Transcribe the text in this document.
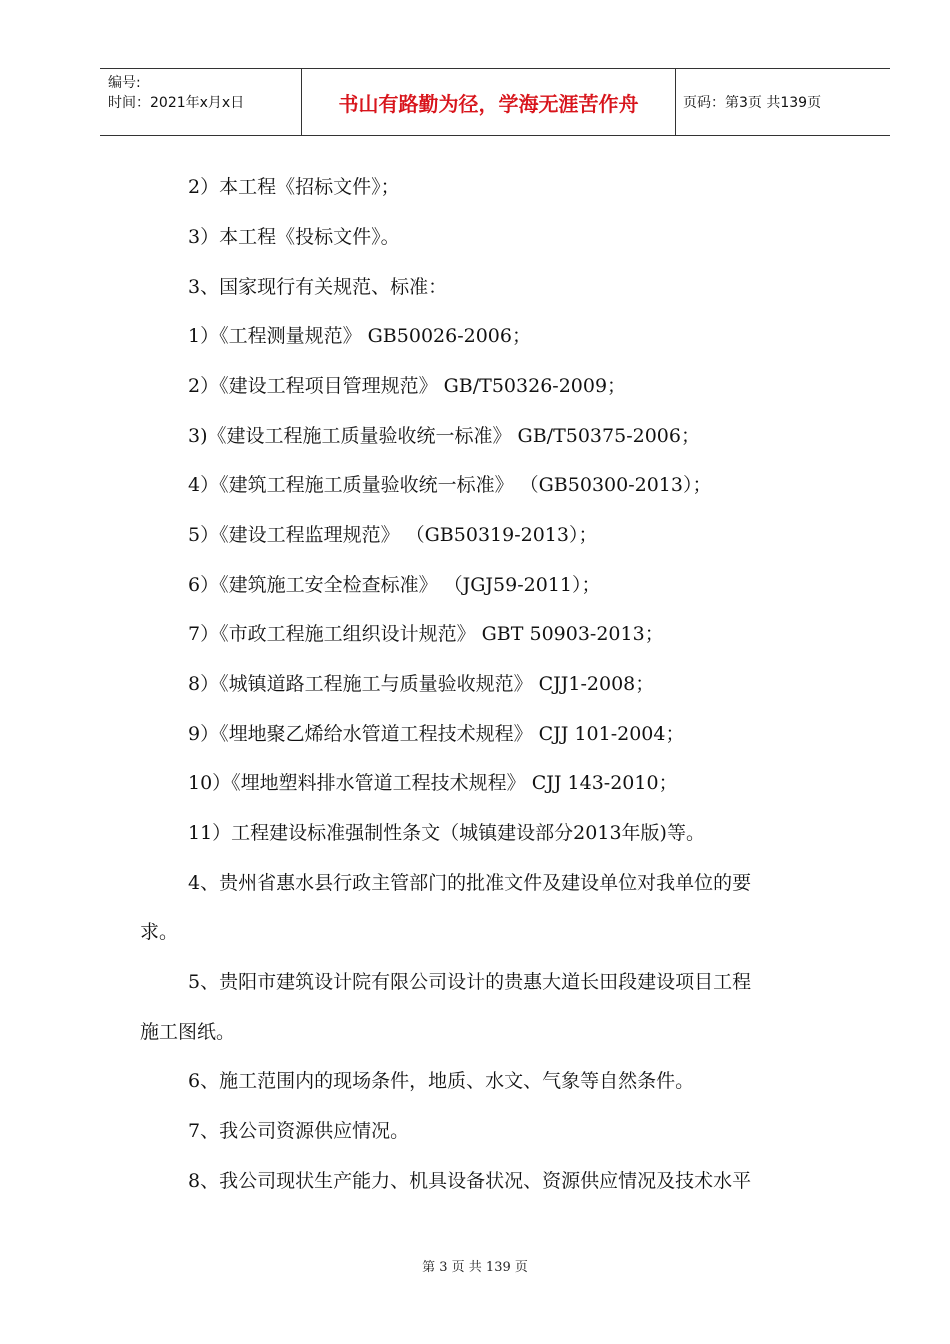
编号:
时间：2021年x月x日	书山有路勤为径，学海无涯苦作舟	页码：第3页 共139页
2）本工程《招标文件》；
3）本工程《投标文件》。
3、国家现行有关规范、标准：
1）《工程测量规范》 GB50026-2006；
2）《建设工程项目管理规范》 GB/T50326-2009；
3)《建设工程施工质量验收统一标准》 GB/T50375-2006；
4）《建筑工程施工质量验收统一标准》 （GB50300-2013）；
5）《建设工程监理规范》 （GB50319-2013）；
6）《建筑施工安全检查标准》 （JGJ59-2011）；
7）《市政工程施工组织设计规范》 GBT 50903-2013；
8）《城镇道路工程施工与质量验收规范》 CJJ1-2008；
9）《埋地聚乙烯给水管道工程技术规程》 CJJ 101-2004；
10）《埋地塑料排水管道工程技术规程》 CJJ 143-2010；
11）工程建设标准强制性条文（城镇建设部分2013年版)等。
4、贵州省惠水县行政主管部门的批准文件及建设单位对我单位的要
求。
5、贵阳市建筑设计院有限公司设计的贵惠大道长田段建设项目工程
施工图纸。
6、施工范围内的现场条件，地质、水文、气象等自然条件。
7、我公司资源供应情况。
8、我公司现状生产能力、机具设备状况、资源供应情况及技术水平
第 3 页 共 139 页
